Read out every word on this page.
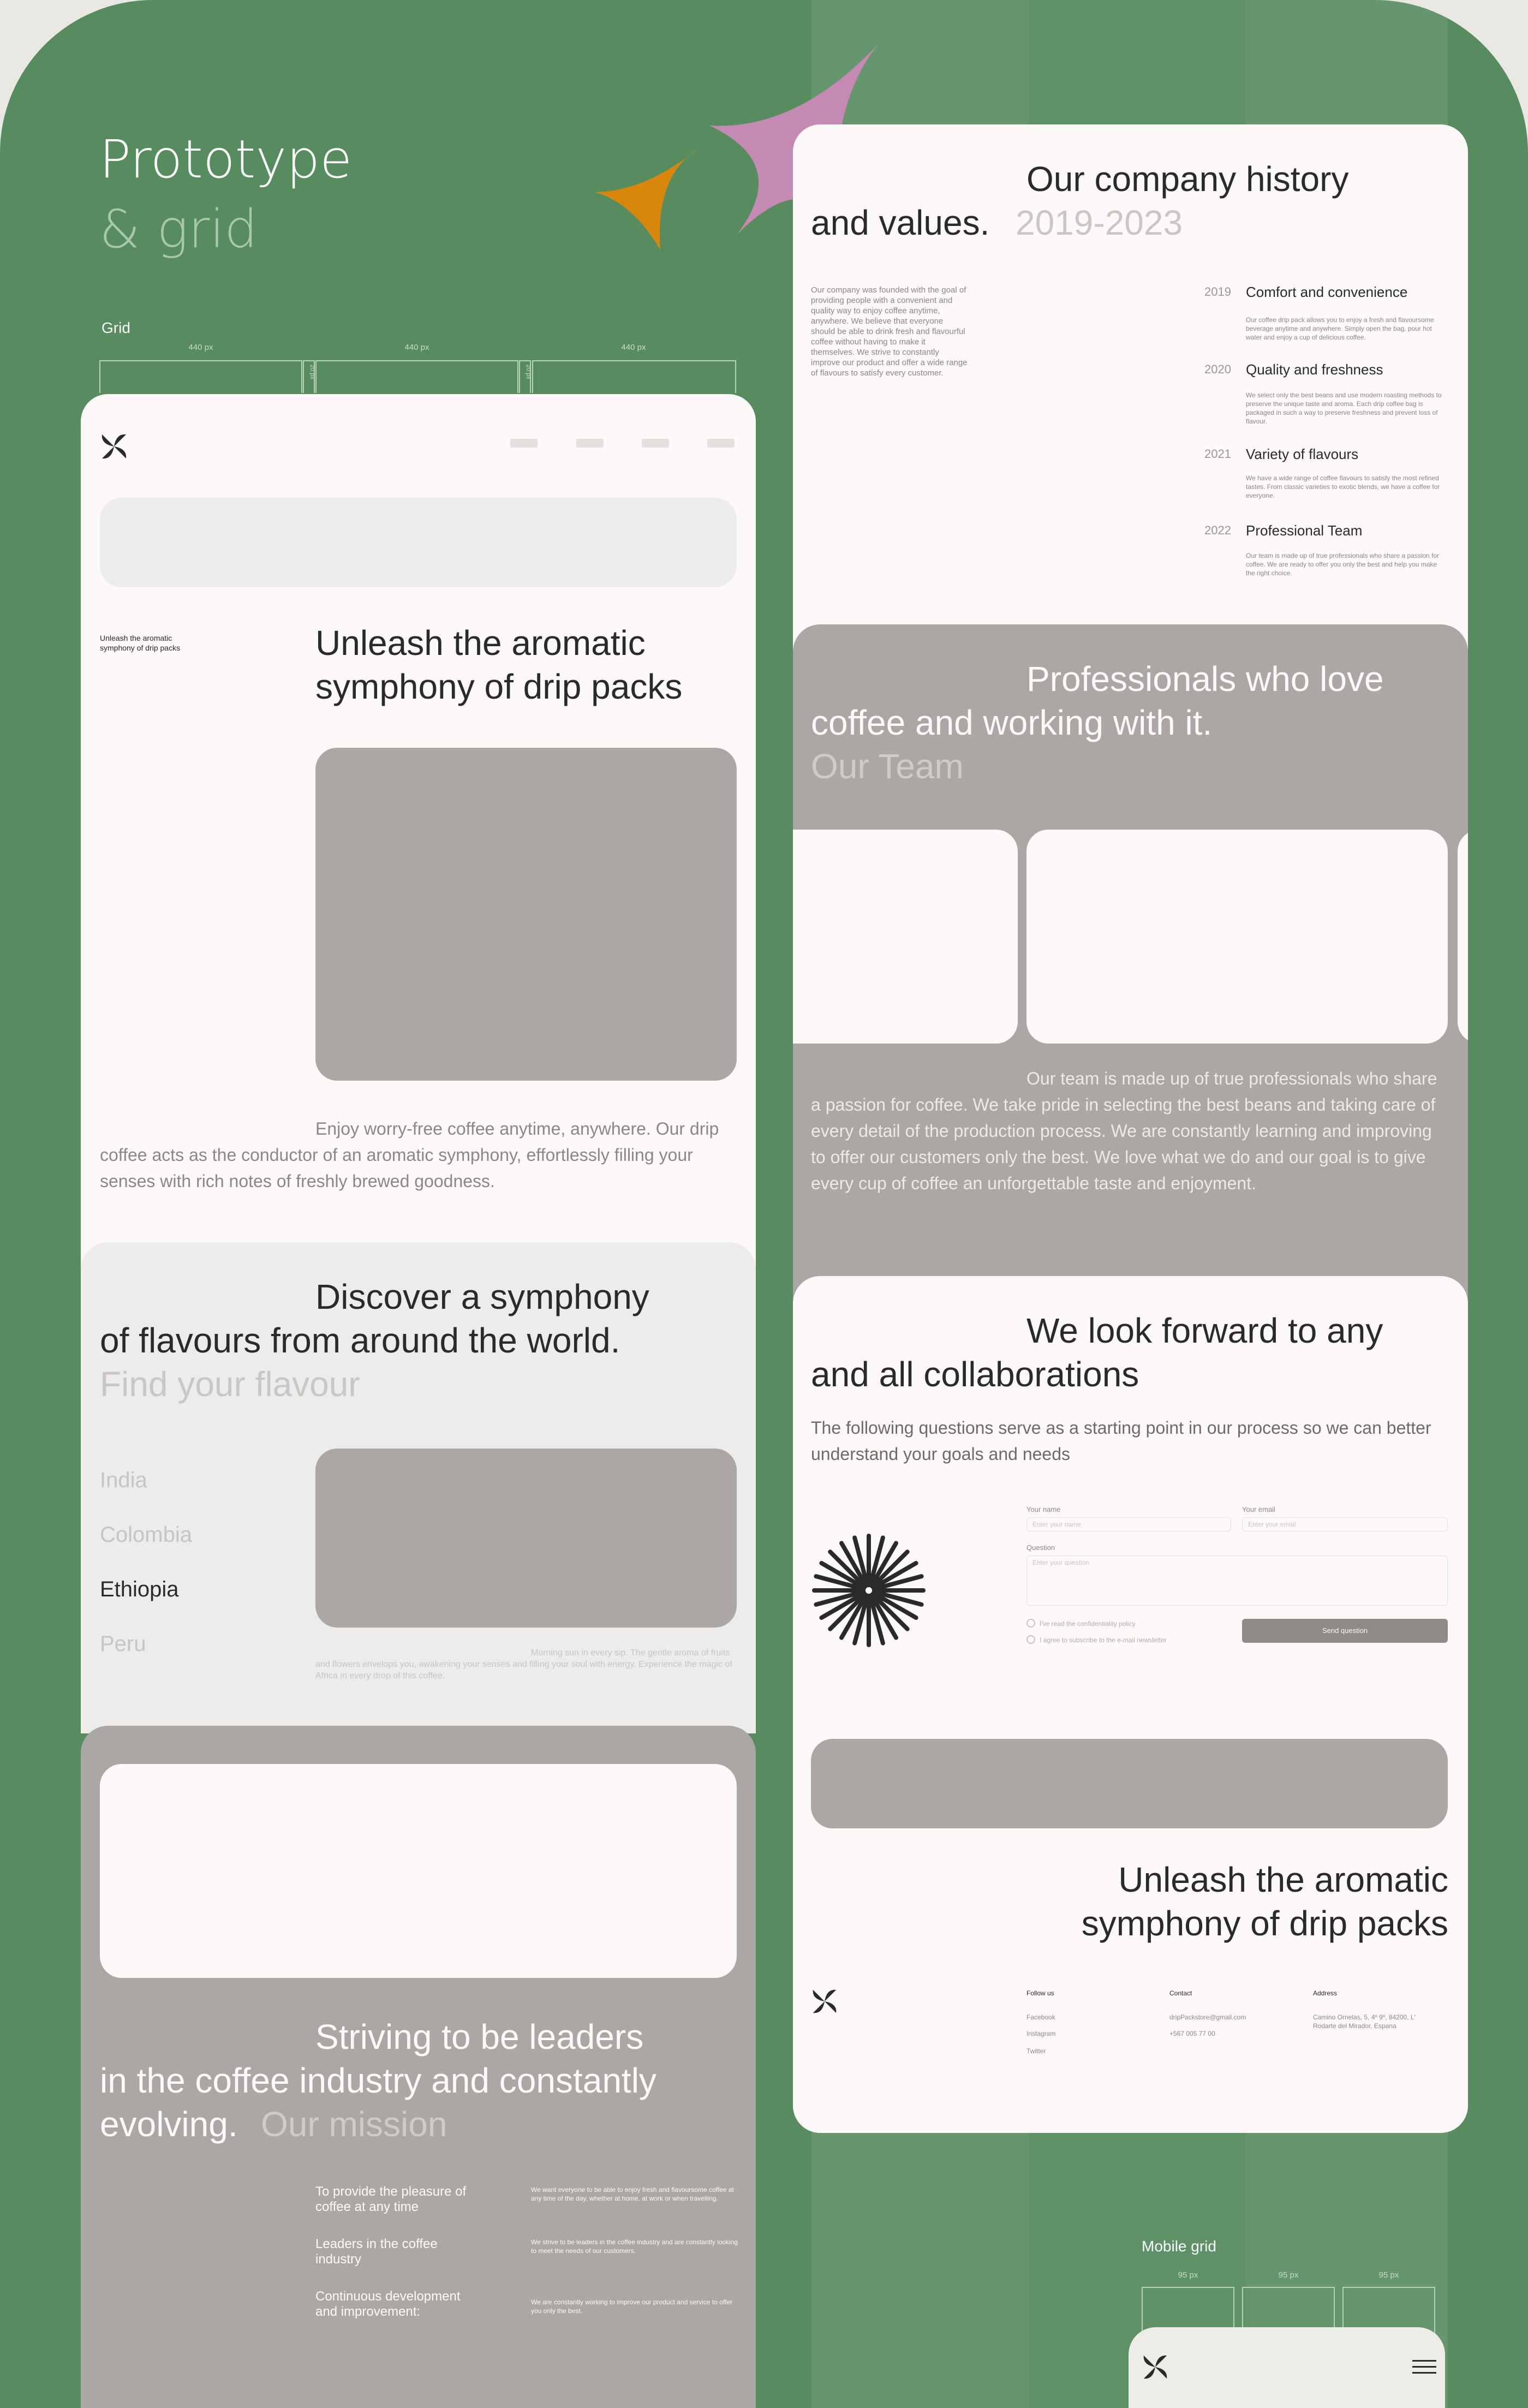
Prototype
& grid
Grid
440 px	440 px	440 px
20 px	20 px
Unleash the aromatic symphony of drip packs	Unleash the aromatic
symphony of drip packs
Enjoy worry-free coffee anytime, anywhere. Our drip coffee acts as the conductor of an aromatic symphony, effortlessly filling your senses with rich notes of freshly brewed goodness.
Discover a symphony
of flavours from around the world.
Find your flavour
India
Colombia
Ethiopia
Peru	Morning sun in every sip. The gentle aroma of fruits and flowers envelops you, awakening your senses and filling your soul with energy. Experience the magic of Africa in every drop of this coffee.
Striving to be leaders
in the coffee industry and constantly
evolving. Our mission
To provide the pleasure of coffee at any time
We want everyone to be able to enjoy fresh and flavoursome coffee at any time of the day, whether at home, at work or when travelling.
Leaders in the coffee industry
We strive to be leaders in the coffee industry and are constantly looking to meet the needs of our customers.
Continuous development and improvement:
We are constantly working to improve our product and service to offer you only the best.
Our company history
and values. 2019-2023
Our company was founded with the goal of providing people with a convenient and quality way to enjoy coffee anytime, anywhere. We believe that everyone should be able to drink fresh and flavourful coffee without having to make it themselves. We strive to constantly improve our product and offer a wide range of flavours to satisfy every customer.
2019 Comfort and convenience
Our coffee drip pack allows you to enjoy a fresh and flavoursome beverage anytime and anywhere. Simply open the bag, pour hot water and enjoy a cup of delicious coffee.
2020 Quality and freshness
We select only the best beans and use modern roasting methods to preserve the unique taste and aroma. Each drip coffee bag is packaged in such a way to preserve freshness and prevent loss of flavour.
2021 Variety of flavours
We have a wide range of coffee flavours to satisfy the most refined tastes. From classic varieties to exotic blends, we have a coffee for everyone.
2022 Professional Team
Our team is made up of true professionals who share a passion for coffee. We are ready to offer you only the best and help you make the right choice.
Professionals who love
coffee and working with it.
Our Team
Our team is made up of true professionals who share a passion for coffee. We take pride in selecting the best beans and taking care of every detail of the production process. We are constantly learning and improving to offer our customers only the best. We love what we do and our goal is to give every cup of coffee an unforgettable taste and enjoyment.
We look forward to any
and all collaborations
The following questions serve as a starting point in our process so we can better understand your goals and needs
Your name
Enter your name
Your email
Enter your email
Question
Enter your question
I've read the confidentiality policy
I agree to subscribe to the e-mail newsletter
Send question
Unleash the aromatic
symphony of drip packs
Follow us
Facebook
Instagram
Twitter
Contact
dripPackstore@gmail.com
+567 005 77 00
Address
Camino Ornelas, 5, 4º 9º, 84200, L' Rodarte del Mirador, Espana
Mobile grid
95 px	95 px	95 px
